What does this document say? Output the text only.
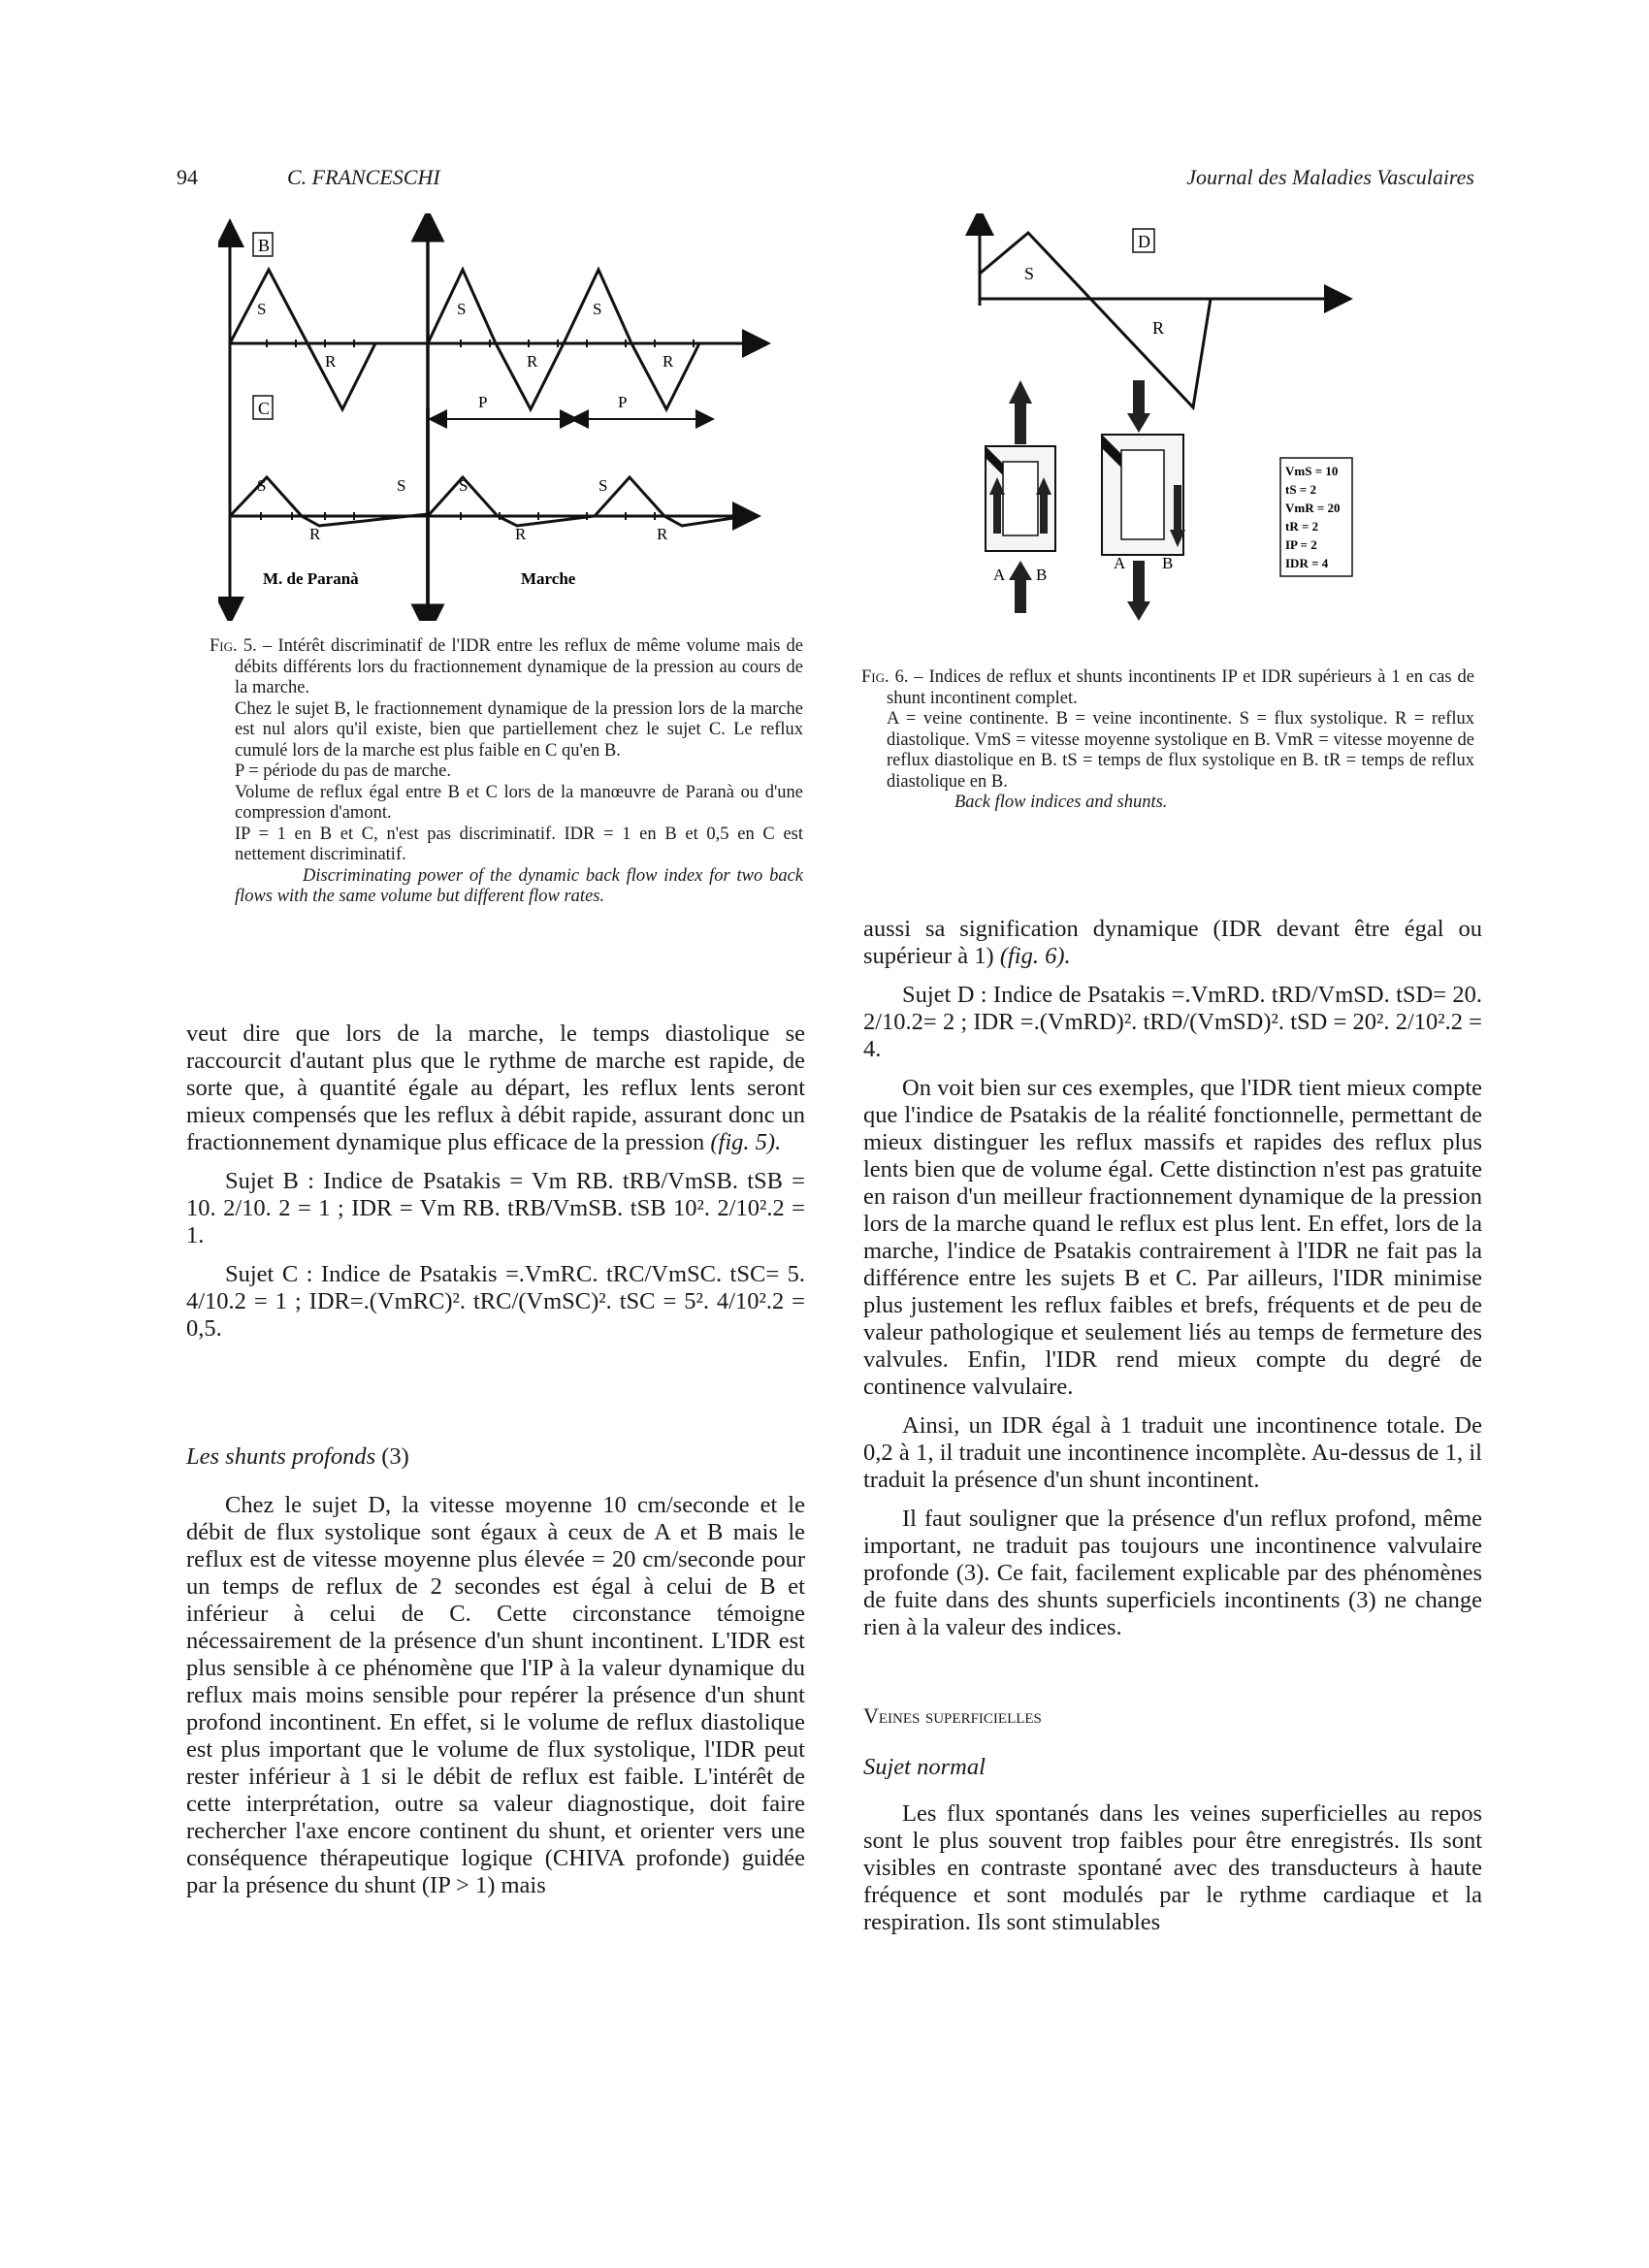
94	C. FRANCESCHI	Journal des Maladies Vasculaires
B
S
R
S
R
S
R
P	P
C
S
R
S	S
R
S
R
M. de Paranà	Marche
Fig. 5. – Intérêt discriminatif de l'IDR entre les reflux de même volume mais de débits différents lors du fractionnement dynamique de la pression au cours de la marche.
Chez le sujet B, le fractionnement dynamique de la pression lors de la marche est nul alors qu'il existe, bien que partiellement chez le sujet C. Le reflux cumulé lors de la marche est plus faible en C qu'en B.
P = période du pas de marche.
Volume de reflux égal entre B et C lors de la manœuvre de Paranà ou d'une compression d'amont.
IP = 1 en B et C, n'est pas discriminatif. IDR = 1 en B et 0,5 en C est nettement discriminatif.
Discriminating power of the dynamic back flow index for two back flows with the same volume but different flow rates.
D
S
R
A B
A B
VmS = 10
tS = 2
VmR = 20
tR = 2
IP = 2
IDR = 4
Fig. 6. – Indices de reflux et shunts incontinents IP et IDR supérieurs à 1 en cas de shunt incontinent complet.
A = veine continente. B = veine incontinente. S = flux systolique. R = reflux diastolique. VmS = vitesse moyenne systolique en B. VmR = vitesse moyenne de reflux diastolique en B. tS = temps de flux systolique en B. tR = temps de reflux diastolique en B.
Back flow indices and shunts.

veut dire que lors de la marche, le temps diastolique se raccourcit d'autant plus que le rythme de marche est rapide, de sorte que, à quantité égale au départ, les reflux lents seront mieux compensés que les reflux à débit rapide, assurant donc un fractionnement dynamique plus efficace de la pression (fig. 5).

Sujet B : Indice de Psatakis = Vm RB. tRB/VmSB. tSB = 10. 2/10. 2 = 1 ; IDR = Vm RB. tRB/VmSB. tSB 10². 2/10².2 = 1.

Sujet C : Indice de Psatakis =.VmRC. tRC/VmSC. tSC= 5. 4/10.2 = 1 ; IDR=.(VmRC)². tRC/(VmSC)². tSC = 5². 4/10².2 = 0,5.

Les shunts profonds (3)

Chez le sujet D, la vitesse moyenne 10 cm/seconde et le débit de flux systolique sont égaux à ceux de A et B mais le reflux est de vitesse moyenne plus élevée = 20 cm/seconde pour un temps de reflux de 2 secondes est égal à celui de B et inférieur à celui de C. Cette circonstance témoigne nécessairement de la présence d'un shunt incontinent. L'IDR est plus sensible à ce phénomène que l'IP à la valeur dynamique du reflux mais moins sensible pour repérer la présence d'un shunt profond incontinent. En effet, si le volume de reflux diastolique est plus important que le volume de flux systolique, l'IDR peut rester inférieur à 1 si le débit de reflux est faible. L'intérêt de cette interprétation, outre sa valeur diagnostique, doit faire rechercher l'axe encore continent du shunt, et orienter vers une conséquence thérapeutique logique (CHIVA profonde) guidée par la présence du shunt (IP > 1) mais

aussi sa signification dynamique (IDR devant être égal ou supérieur à 1) (fig. 6).

Sujet D : Indice de Psatakis =.VmRD. tRD/VmSD. tSD= 20. 2/10.2= 2 ; IDR =.(VmRD)². tRD/(VmSD)². tSD = 20². 2/10².2 = 4.

On voit bien sur ces exemples, que l'IDR tient mieux compte que l'indice de Psatakis de la réalité fonctionnelle, permettant de mieux distinguer les reflux massifs et rapides des reflux plus lents bien que de volume égal. Cette distinction n'est pas gratuite en raison d'un meilleur fractionnement dynamique de la pression lors de la marche quand le reflux est plus lent. En effet, lors de la marche, l'indice de Psatakis contrairement à l'IDR ne fait pas la différence entre les sujets B et C. Par ailleurs, l'IDR minimise plus justement les reflux faibles et brefs, fréquents et de peu de valeur pathologique et seulement liés au temps de fermeture des valvules. Enfin, l'IDR rend mieux compte du degré de continence valvulaire.

Ainsi, un IDR égal à 1 traduit une incontinence totale. De 0,2 à 1, il traduit une incontinence incomplète. Au-dessus de 1, il traduit la présence d'un shunt incontinent.

Il faut souligner que la présence d'un reflux profond, même important, ne traduit pas toujours une incontinence valvulaire profonde (3). Ce fait, facilement explicable par des phénomènes de fuite dans des shunts superficiels incontinents (3) ne change rien à la valeur des indices.

Veines superficielles
Sujet normal

Les flux spontanés dans les veines superficielles au repos sont le plus souvent trop faibles pour être enregistrés. Ils sont visibles en contraste spontané avec des transducteurs à haute fréquence et sont modulés par le rythme cardiaque et la respiration. Ils sont stimulables
